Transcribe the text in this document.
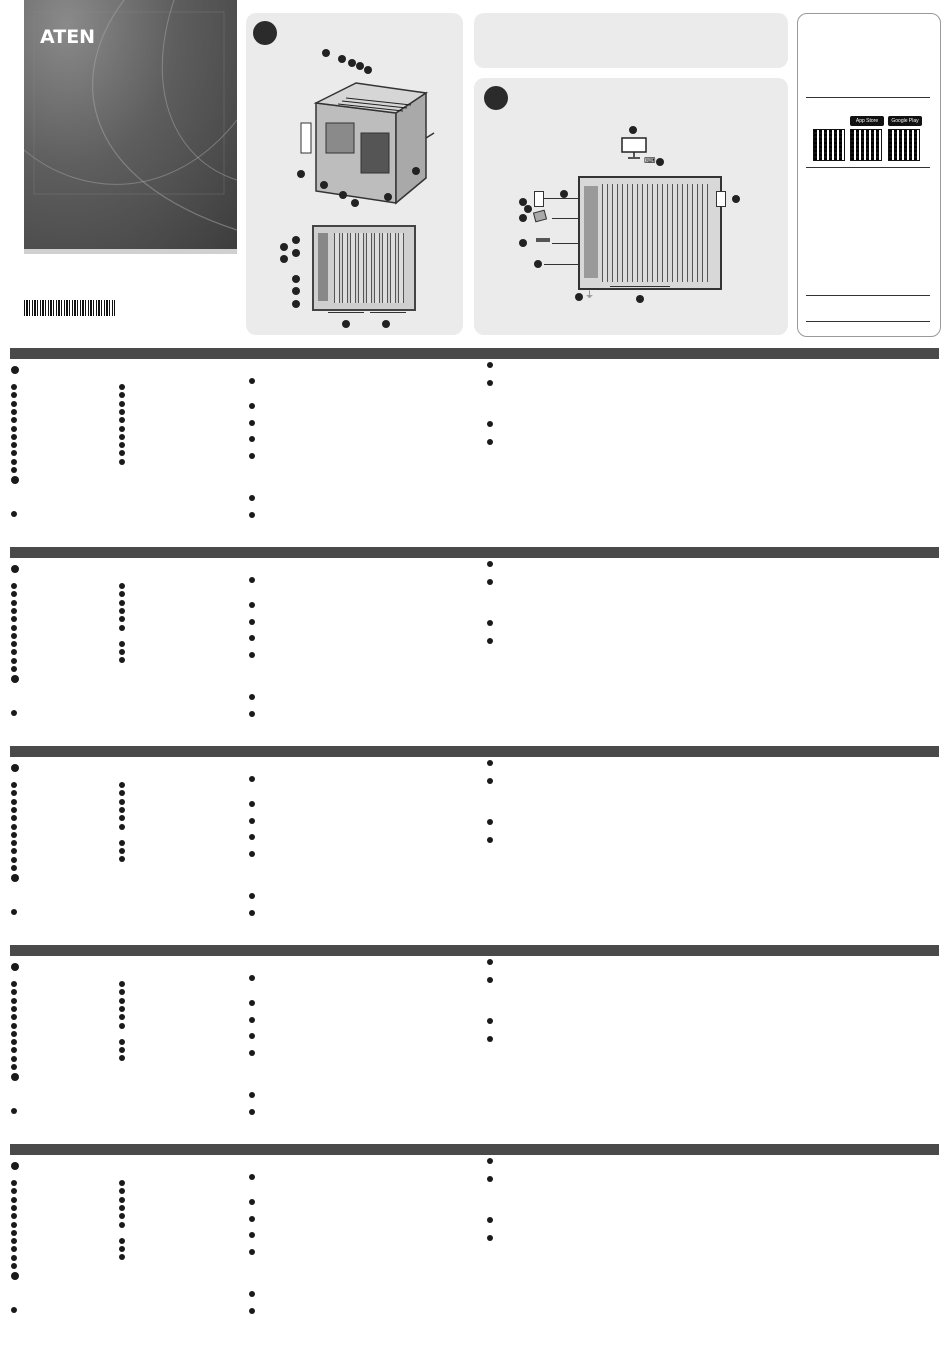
ATEN
⌨
⏚
App Store	Google Play
